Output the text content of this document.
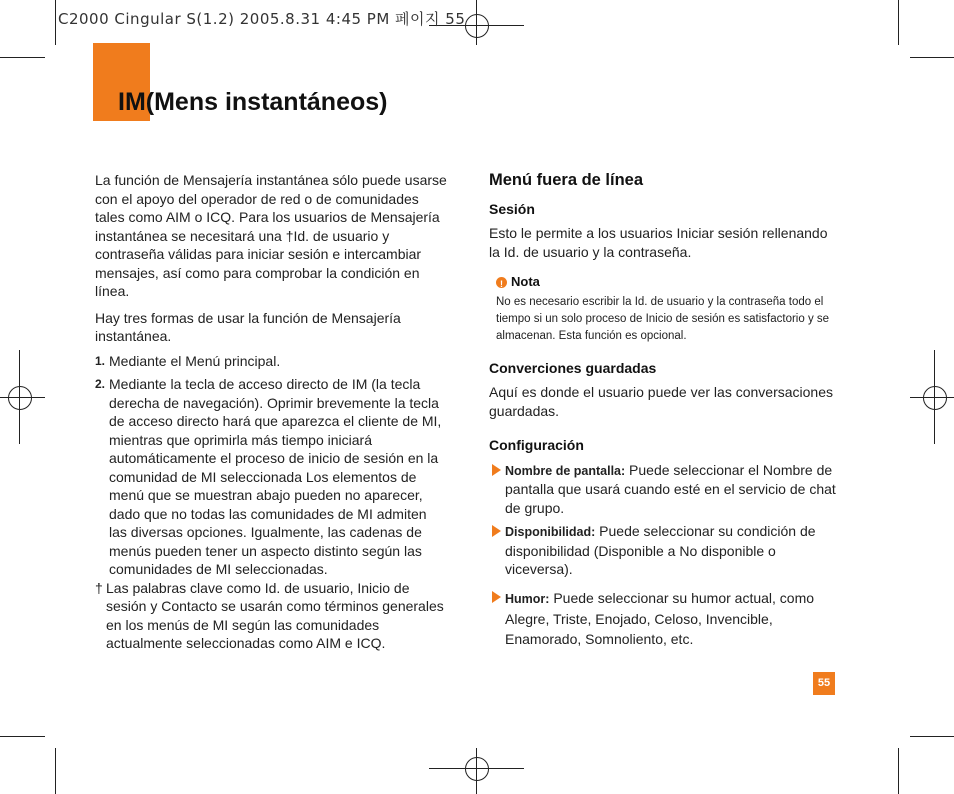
C2000 Cingular S(1.2) 2005.8.31 4:45 PM 페이지 55
IM(Mens instantáneos)

La función de Mensajería instantánea sólo puede usarse con el apoyo del operador de red o de comunidades tales como AIM o ICQ. Para los usuarios de Mensajería instantánea se necesitará una †Id. de usuario y contraseña válidas para iniciar sesión e intercambiar mensajes, así como para comprobar la condición en línea.

Hay tres formas de usar la función de Mensajería instantánea.

1. Mediante el Menú principal.
2. Mediante la tecla de acceso directo de IM (la tecla derecha de navegación). Oprimir brevemente la tecla de acceso directo hará que aparezca el cliente de MI, mientras que oprimirla más tiempo iniciará automáticamente el proceso de inicio de sesión en la comunidad de MI seleccionada Los elementos de menú que se muestran abajo pueden no aparecer, dado que no todas las comunidades de MI admiten las diversas opciones. Igualmente, las cadenas de menús pueden tener un aspecto distinto según las comunidades de MI seleccionadas.
† Las palabras clave como Id. de usuario, Inicio de sesión y Contacto se usarán como términos generales en los menús de MI según las comunidades actualmente seleccionadas como AIM e ICQ.
Menú fuera de línea
Sesión

Esto le permite a los usuarios Iniciar sesión rellenando la Id. de usuario y la contraseña.

!
Nota
No es necesario escribir la Id. de usuario y la contraseña todo el tiempo si un solo proceso de Inicio de sesión es satisfactorio y se almacenan. Esta función es opcional.
Converciones guardadas

Aquí es donde el usuario puede ver las conversaciones guardadas.

Configuración
Nombre de pantalla: Puede seleccionar el Nombre de pantalla que usará cuando esté en el servicio de chat de grupo.
Disponibilidad: Puede seleccionar su condición de disponibilidad (Disponible a No disponible o viceversa).
Humor: Puede seleccionar su humor actual, como Alegre, Triste, Enojado, Celoso, Invencible, Enamorado, Somnoliento, etc.
55
